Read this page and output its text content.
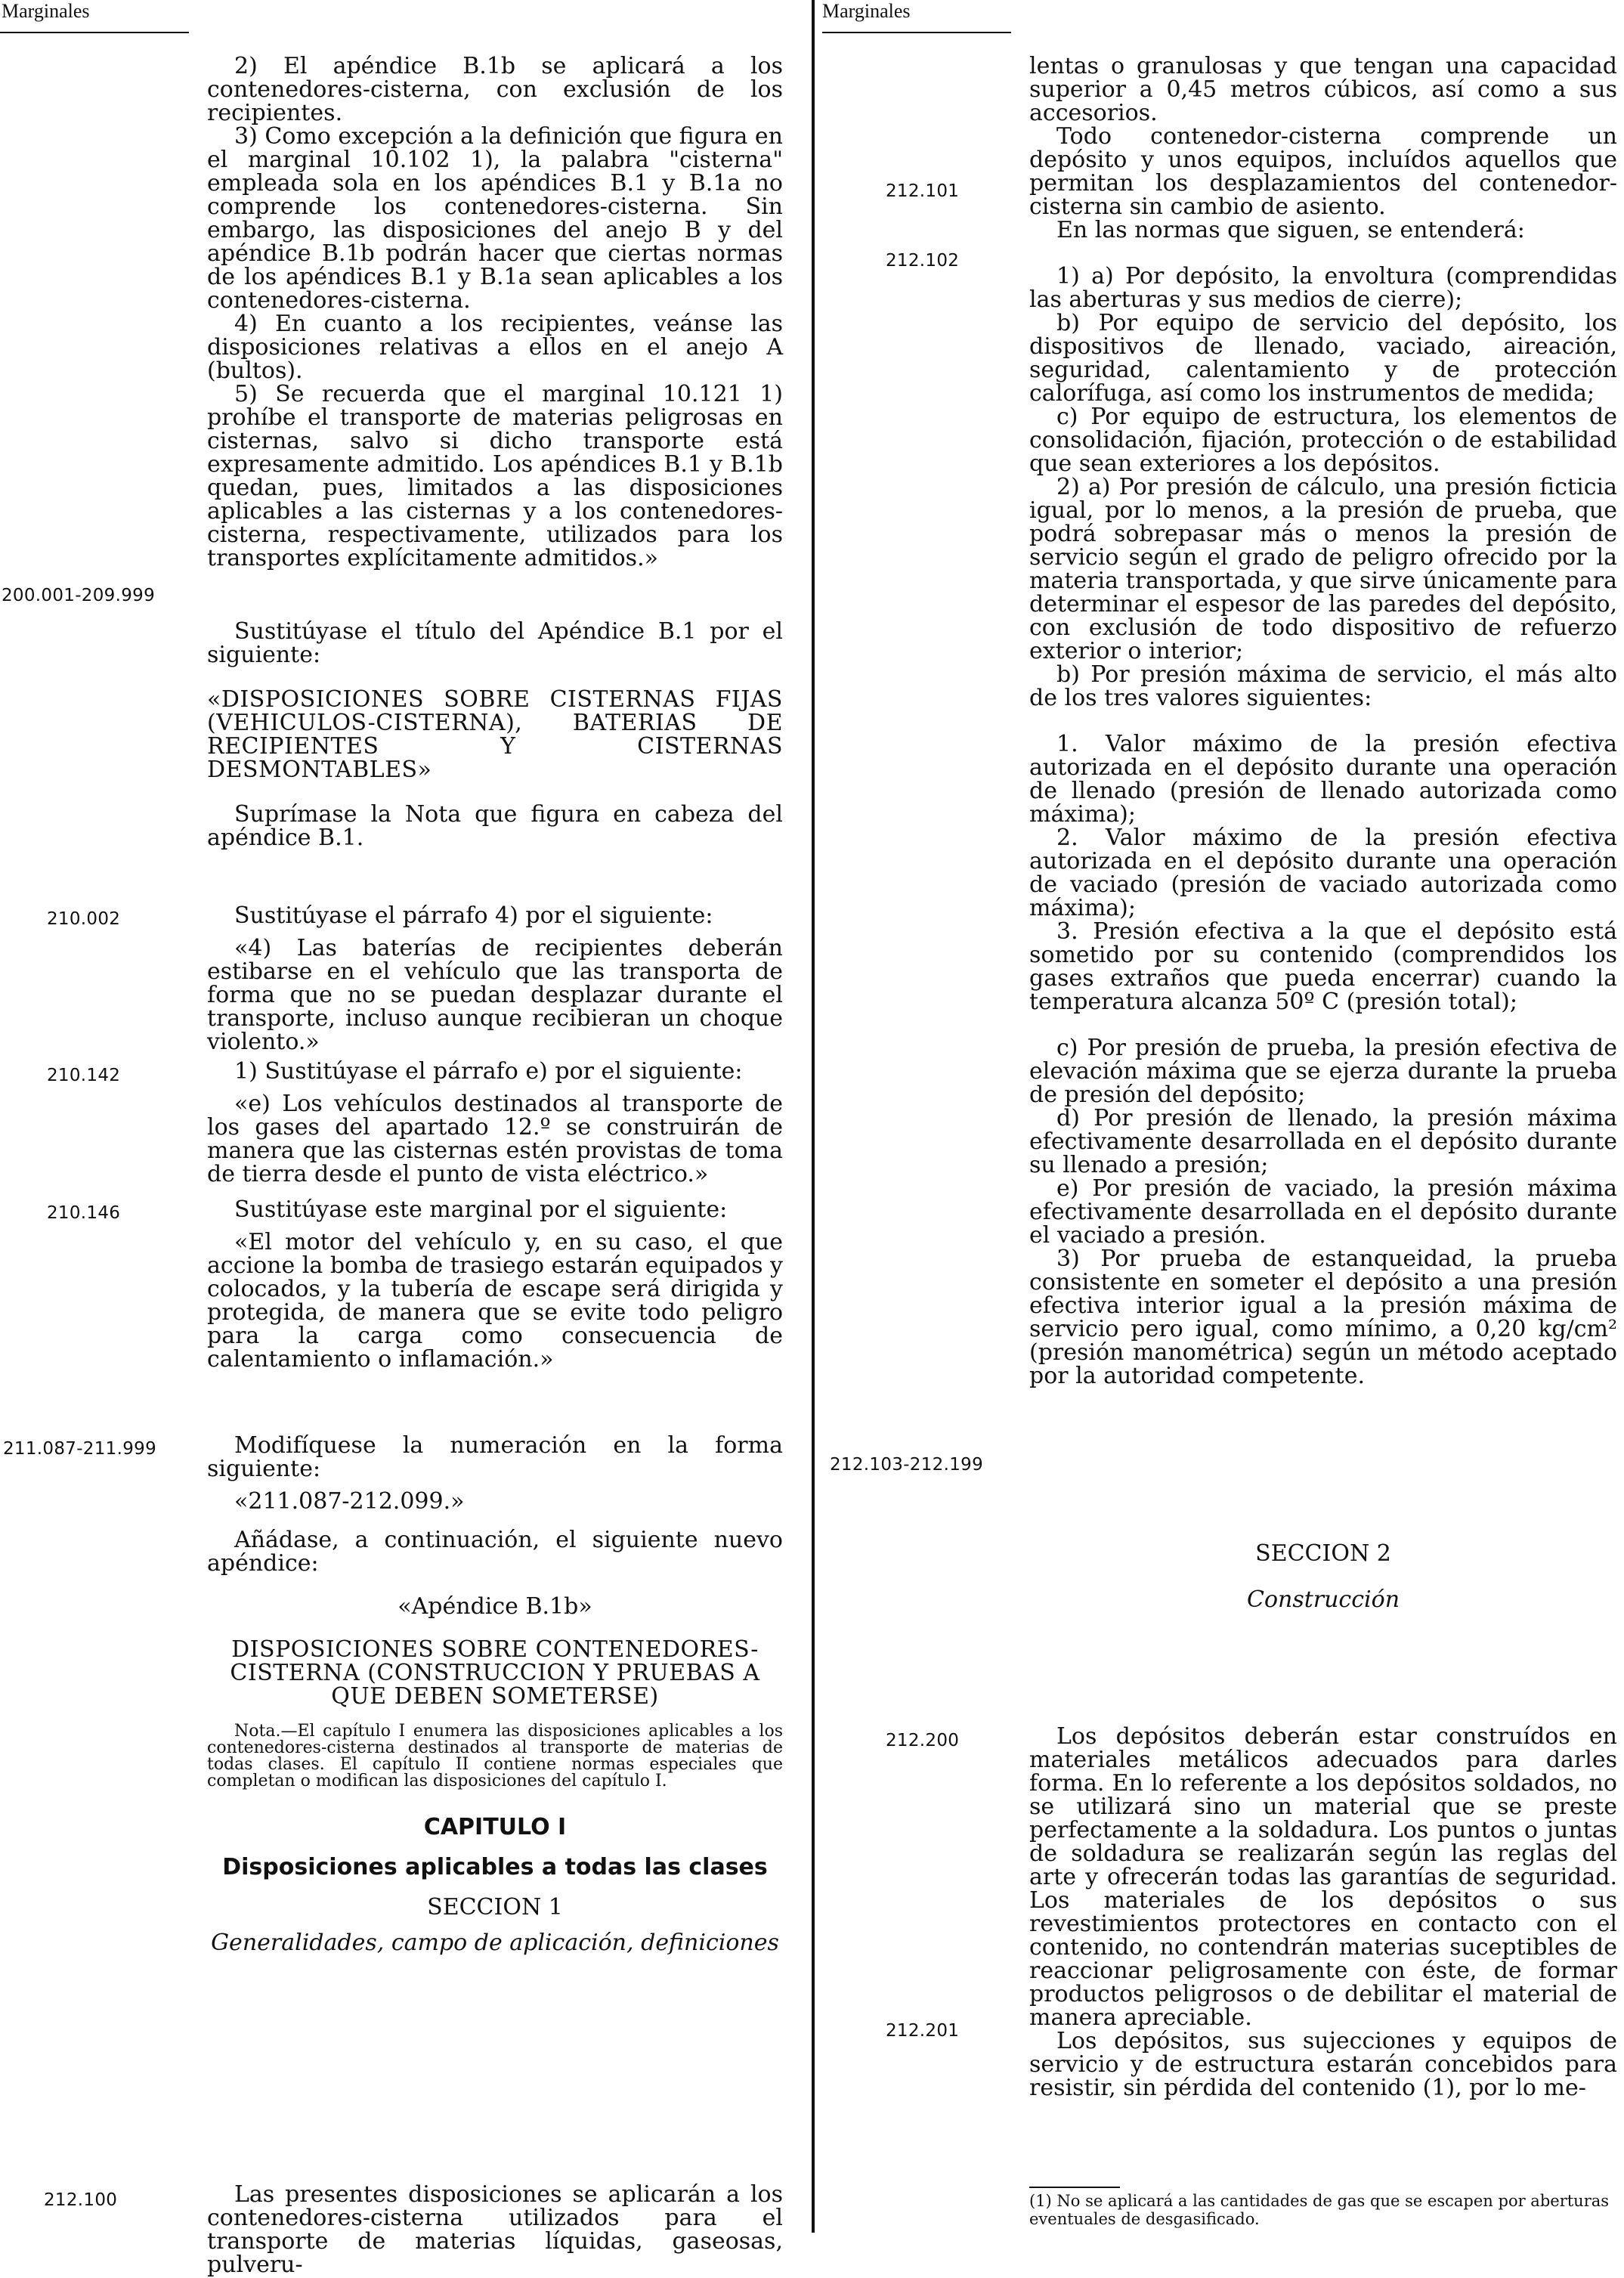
Marginales	Marginales
200.001-209.999
210.002
210.142
210.146
211.087-211.999
212.100

2) El apéndice B.1b se aplicará a los contenedores-cisterna, con exclusión de los recipientes.

3) Como excepción a la definición que figura en el marginal 10.102 1), la palabra "cisterna" empleada sola en los apéndices B.1 y B.1a no comprende los contenedores-cisterna. Sin embargo, las disposiciones del anejo B y del apéndice B.1b podrán hacer que ciertas normas de los apéndices B.1 y B.1a sean aplicables a los contenedores-cisterna.

4) En cuanto a los recipientes, veánse las disposiciones relativas a ellos en el anejo A (bultos).

5) Se recuerda que el marginal 10.121 1) prohíbe el transporte de materias peligrosas en cisternas, salvo si dicho transporte está expresamente admitido. Los apéndices B.1 y B.1b quedan, pues, limitados a las disposiciones aplicables a las cisternas y a los contenedores-cisterna, respectivamente, utilizados para los transportes explícitamente admitidos.»

Sustitúyase el título del Apéndice B.1 por el siguiente:

«DISPOSICIONES SOBRE CISTERNAS FIJAS (VEHICULOS-CISTERNA), BATERIAS DE RECIPIENTES Y CISTERNAS DESMONTABLES»

Suprímase la Nota que figura en cabeza del apéndice B.1.

Sustitúyase el párrafo 4) por el siguiente:

«4) Las baterías de recipientes deberán estibarse en el vehículo que las transporta de forma que no se puedan desplazar durante el transporte, incluso aunque recibieran un choque violento.»

1) Sustitúyase el párrafo e) por el siguiente:

«e) Los vehículos destinados al transporte de los gases del apartado 12.º se construirán de manera que las cisternas estén provistas de toma de tierra desde el punto de vista eléctrico.»

Sustitúyase este marginal por el siguiente:

«El motor del vehículo y, en su caso, el que accione la bomba de trasiego estarán equipados y colocados, y la tubería de escape será dirigida y protegida, de manera que se evite todo peligro para la carga como consecuencia de calentamiento o inflamación.»

Modifíquese la numeración en la forma siguiente:

«211.087-212.099.»

Añádase, a continuación, el siguiente nuevo apéndice:

«Apéndice B.1b»

DISPOSICIONES SOBRE CONTENEDORES-CISTERNA (CONSTRUCCION Y PRUEBAS A QUE DEBEN SOMETERSE)

Nota.—El capítulo I enumera las disposiciones aplicables a los contenedores-cisterna destinados al transporte de materias de todas clases. El capítulo II contiene normas especiales que completan o modifican las disposiciones del capítulo I.

CAPITULO I

Disposiciones aplicables a todas las clases

SECCION 1

Generalidades, campo de aplicación, definiciones

Las presentes disposiciones se aplicarán a los contenedores-cisterna utilizados para el transporte de materias líquidas, gaseosas, pulveru-

212.101
212.102
212.103-212.199
212.200
212.201

lentas o granulosas y que tengan una capacidad superior a 0,45 metros cúbicos, así como a sus accesorios.

Todo contenedor-cisterna comprende un depósito y unos equipos, incluídos aquellos que permitan los desplazamientos del contenedor-cisterna sin cambio de asiento.

En las normas que siguen, se entenderá:

1) a) Por depósito, la envoltura (comprendidas las aberturas y sus medios de cierre);

b) Por equipo de servicio del depósito, los dispositivos de llenado, vaciado, aireación, seguridad, calentamiento y de protección calorífuga, así como los instrumentos de medida;

c) Por equipo de estructura, los elementos de consolidación, fijación, protección o de estabilidad que sean exteriores a los depósitos.

2) a) Por presión de cálculo, una presión ficticia igual, por lo menos, a la presión de prueba, que podrá sobrepasar más o menos la presión de servicio según el grado de peligro ofrecido por la materia transportada, y que sirve únicamente para determinar el espesor de las paredes del depósito, con exclusión de todo dispositivo de refuerzo exterior o interior;

b) Por presión máxima de servicio, el más alto de los tres valores siguientes:

1. Valor máximo de la presión efectiva autorizada en el depósito durante una operación de llenado (presión de llenado autorizada como máxima);

2. Valor máximo de la presión efectiva autorizada en el depósito durante una operación de vaciado (presión de vaciado autorizada como máxima);

3. Presión efectiva a la que el depósito está sometido por su contenido (comprendidos los gases extraños que pueda encerrar) cuando la temperatura alcanza 50º C (presión total);

c) Por presión de prueba, la presión efectiva de elevación máxima que se ejerza durante la prueba de presión del depósito;

d) Por presión de llenado, la presión máxima efectivamente desarrollada en el depósito durante su llenado a presión;

e) Por presión de vaciado, la presión máxima efectivamente desarrollada en el depósito durante el vaciado a presión.

3) Por prueba de estanqueidad, la prueba consistente en someter el depósito a una presión efectiva interior igual a la presión máxima de servicio pero igual, como mínimo, a 0,20 kg/cm² (presión manométrica) según un método aceptado por la autoridad competente.

SECCION 2

Construcción

Los depósitos deberán estar construídos en materiales metálicos adecuados para darles forma. En lo referente a los depósitos soldados, no se utilizará sino un material que se preste perfectamente a la soldadura. Los puntos o juntas de soldadura se realizarán según las reglas del arte y ofrecerán todas las garantías de seguridad. Los materiales de los depósitos o sus revestimientos protectores en contacto con el contenido, no contendrán materias suceptibles de reaccionar peligrosamente con éste, de formar productos peligrosos o de debilitar el material de manera apreciable.

Los depósitos, sus sujecciones y equipos de servicio y de estructura estarán concebidos para resistir, sin pérdida del contenido (1), por lo me-

(1) No se aplicará a las cantidades de gas que se escapen por aberturas eventuales de desgasificado.
